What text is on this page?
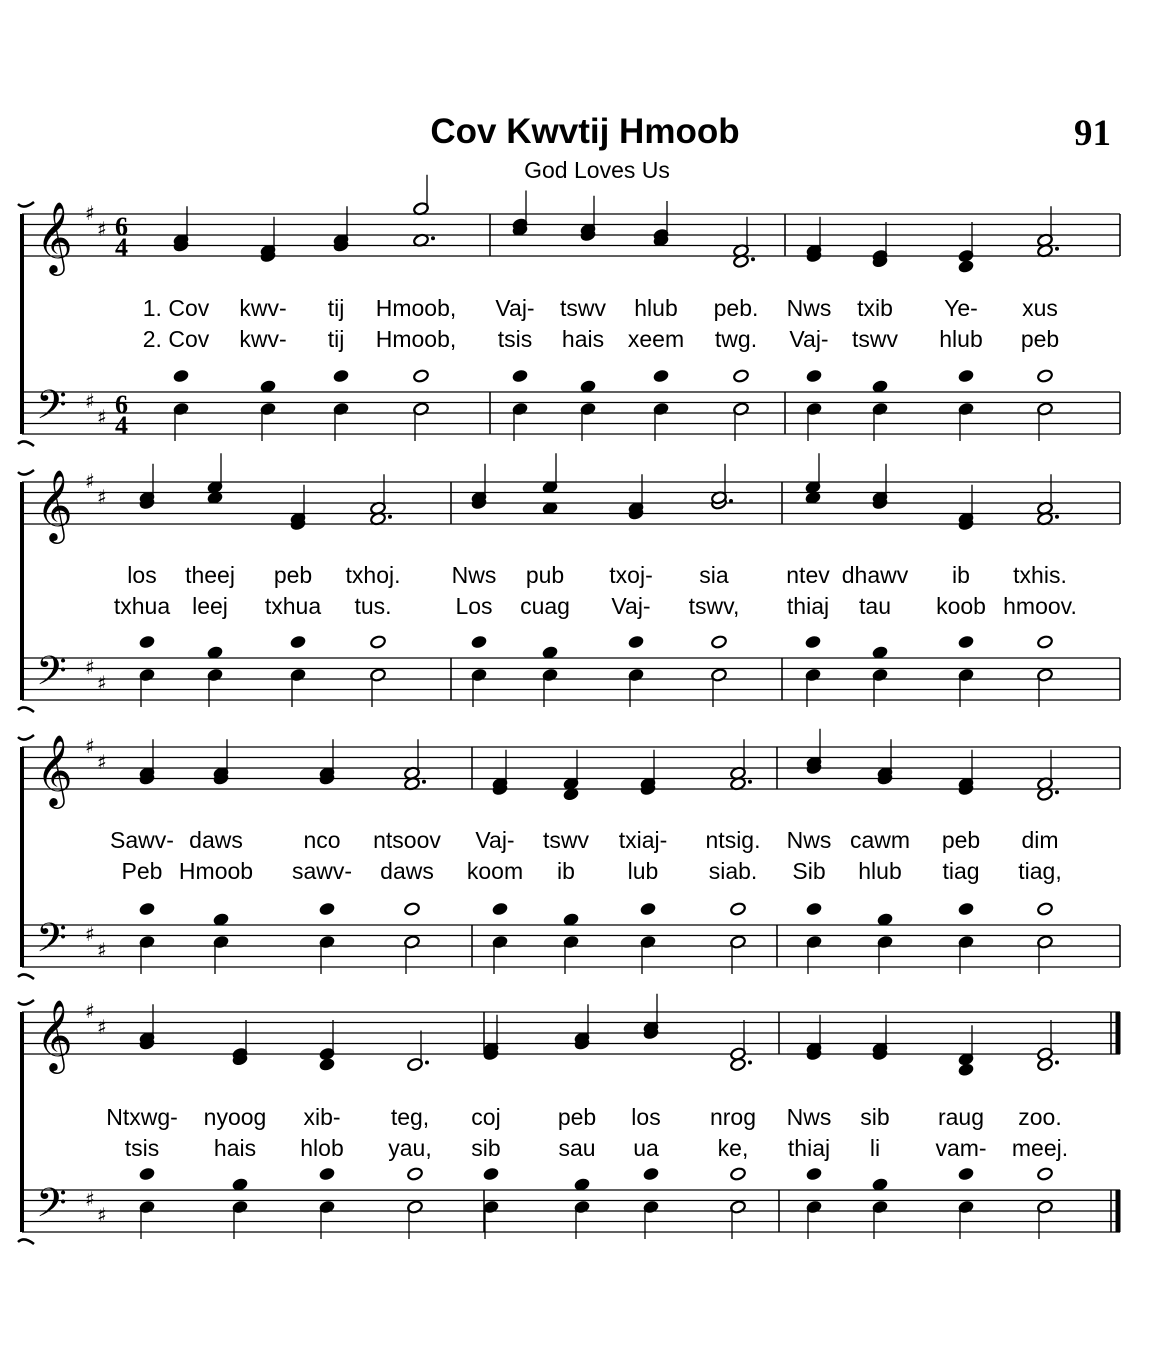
Cov Kwvtij Hmoob
God Loves Us
91
𝄞
𝄢
♯
♯
♯
♯
6
4
6
4
𝄞
𝄢
♯
♯
♯
♯
𝄞
𝄢
♯
♯
♯
♯
𝄞
𝄢
♯
♯
♯
♯
1. Cov kwv- tij Hmoob, Vaj- tswv hlub peb. Nws txib Ye- xus
2. Cov kwv- tij Hmoob, tsis hais xeem twg. Vaj- tswv hlub peb
los theej peb txhoj. Nws pub txoj- sia	ntev dhawv ib txhis.
txhua leej txhua tus.	Los cuag Vaj- tswv, thiaj tau koob hmoov.
Sawv- daws	nco ntsoov Vaj- tswv txiaj- ntsig. Nws cawm peb dim
Peb Hmoob sawv- daws koom ib lub siab. Sib hlub tiag tiag,
Ntxwg- nyoog xib- teg, coj peb los nrog Nws sib raug zoo.
tsis hais hlob yau, sib	sau ua	ke, thiaj li vam- meej.
